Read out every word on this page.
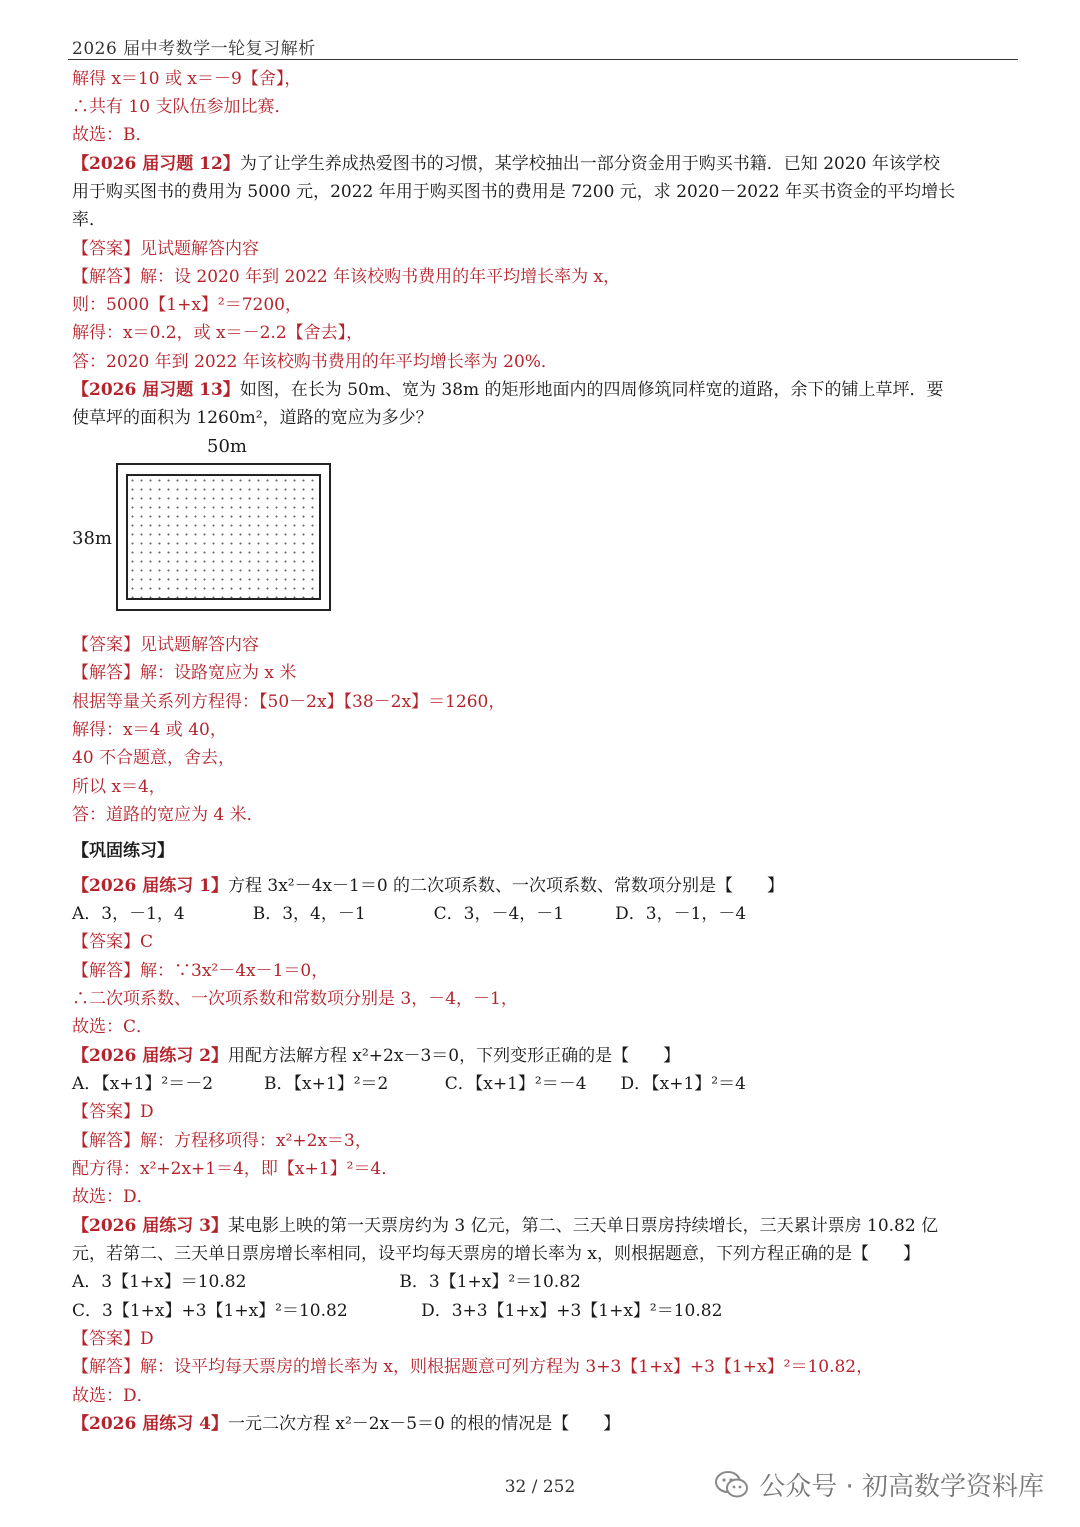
2026 届中考数学一轮复习解析
解得 x＝10 或 x＝－9【舍】，
∴共有 10 支队伍参加比赛．
故选：B．
【2026 届习题 12】为了让学生养成热爱图书的习惯，某学校抽出一部分资金用于购买书籍．已知 2020 年该学校
用于购买图书的费用为 5000 元，2022 年用于购买图书的费用是 7200 元，求 2020－2022 年买书资金的平均增长
率．
【答案】见试题解答内容
【解答】解：设 2020 年到 2022 年该校购书费用的年平均增长率为 x，
则：5000【1+x】²＝7200，
解得：x＝0.2，或 x＝－2.2【舍去】，
答：2020 年到 2022 年该校购书费用的年平均增长率为 20%．
【2026 届习题 13】如图，在长为 50m、宽为 38m 的矩形地面内的四周修筑同样宽的道路，余下的铺上草坪．要
使草坪的面积为 1260m²，道路的宽应为多少？
【答案】见试题解答内容
【解答】解：设路宽应为 x 米
根据等量关系列方程得：【50－2x】【38－2x】＝1260，
解得：x＝4 或 40，
40 不合题意，舍去，
所以 x＝4，
答：道路的宽应为 4 米．
【巩固练习】
【2026 届练习 1】方程 3x²－4x－1＝0 的二次项系数、一次项系数、常数项分别是【　　】
A．3，－1，4　　　　B．3，4，－1　　　　C．3，－4，－1　　　D．3，－1，－4
【答案】C
【解答】解：∵3x²－4x－1＝0，
∴二次项系数、一次项系数和常数项分别是 3，－4，－1，
故选：C．
【2026 届练习 2】用配方法解方程 x²+2x－3＝0，下列变形正确的是【　　】
A．【x+1】²＝－2　　　B．【x+1】²＝2　　　 C．【x+1】²＝－4　　D．【x+1】²＝4
【答案】D
【解答】解：方程移项得：x²+2x＝3，
配方得：x²+2x+1＝4，即【x+1】²＝4．
故选：D．
【2026 届练习 3】某电影上映的第一天票房约为 3 亿元，第二、三天单日票房持续增长，三天累计票房 10.82 亿
元，若第二、三天单日票房增长率相同，设平均每天票房的增长率为 x，则根据题意，下列方程正确的是【　　】
A．3【1+x】＝10.82　　　　　　　　　B．3【1+x】²＝10.82
C．3【1+x】+3【1+x】²＝10.82　　　　 D．3+3【1+x】+3【1+x】²＝10.82
【答案】D
【解答】解：设平均每天票房的增长率为 x，则根据题意可列方程为 3+3【1+x】+3【1+x】²＝10.82，
故选：D．
【2026 届练习 4】一元二次方程 x²－2x－5＝0 的根的情况是【　　】
50m
38m
32 / 252	公众号 · 初高数学资料库
